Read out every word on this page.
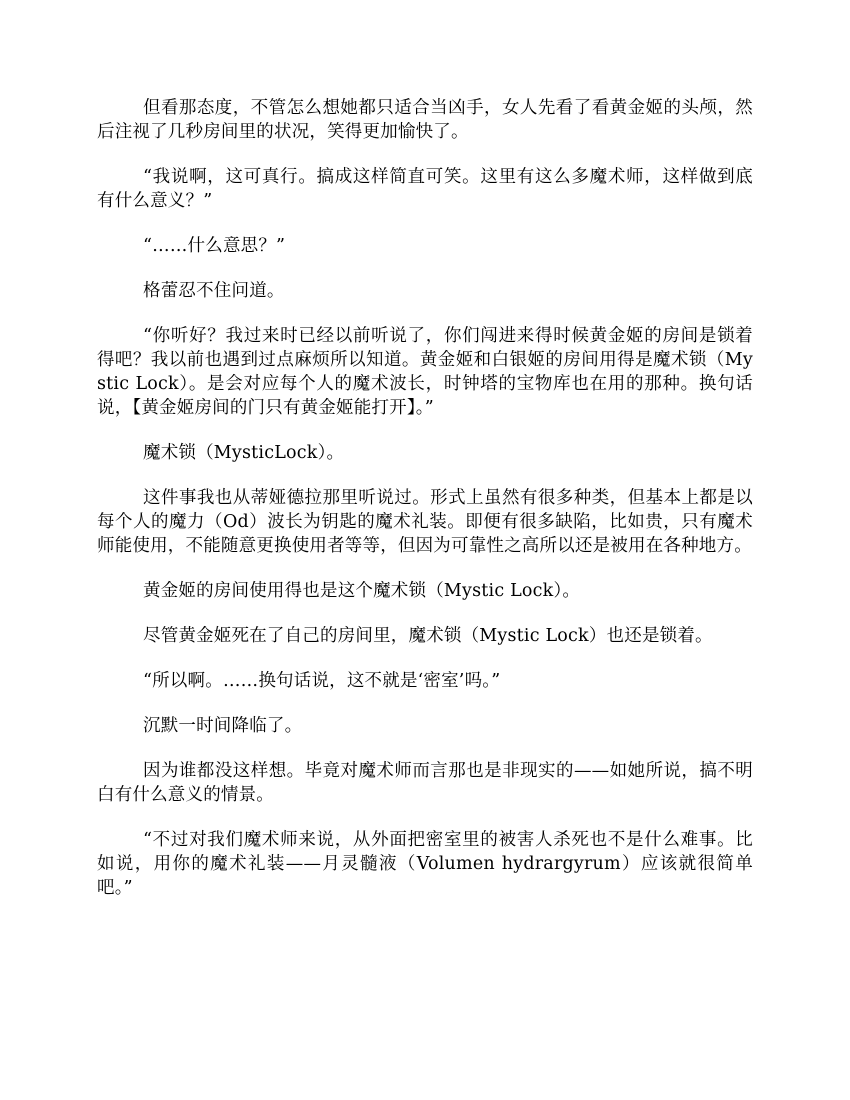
但看那态度，不管怎么想她都只适合当凶手，女人先看了看黄金姬的头颅，然后注视了几秒房间里的状况，笑得更加愉快了。

“我说啊，这可真行。搞成这样简直可笑。这里有这么多魔术师，这样做到底有什么意义？”

“……什么意思？”

格蕾忍不住问道。

“你听好？我过来时已经以前听说了，你们闯进来得时候黄金姬的房间是锁着得吧？我以前也遇到过点麻烦所以知道。黄金姬和白银姬的房间用得是魔术锁（Mystic Lock）。是会对应每个人的魔术波长，时钟塔的宝物库也在用的那种。换句话说，【黄金姬房间的门只有黄金姬能打开】。”

魔术锁（MysticLock）。

这件事我也从蒂娅德拉那里听说过。形式上虽然有很多种类，但基本上都是以每个人的魔力（Od）波长为钥匙的魔术礼装。即便有很多缺陷，比如贵，只有魔术师能使用，不能随意更换使用者等等，但因为可靠性之高所以还是被用在各种地方。

黄金姬的房间使用得也是这个魔术锁（Mystic Lock）。

尽管黄金姬死在了自己的房间里，魔术锁（Mystic Lock）也还是锁着。

“所以啊。……换句话说，这不就是‘密室’吗。”

沉默一时间降临了。

因为谁都没这样想。毕竟对魔术师而言那也是非现实的——如她所说，搞不明白有什么意义的情景。

“不过对我们魔术师来说，从外面把密室里的被害人杀死也不是什么难事。比如说，用你的魔术礼装——月灵髓液（Volumen hydrargyrum）应该就很简单吧。”
